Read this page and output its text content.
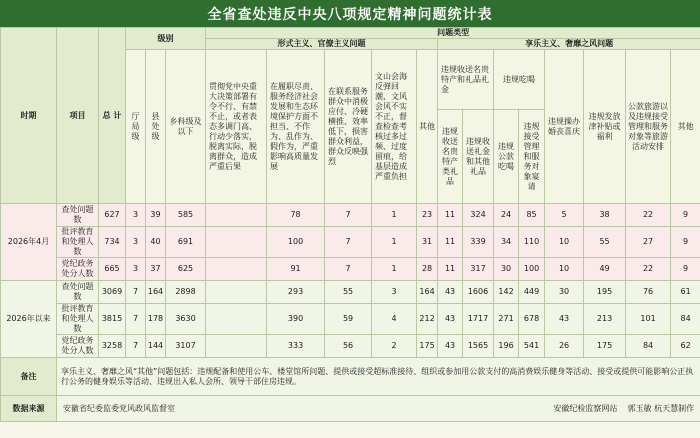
全省查处违反中央八项规定精神问题统计表
时期	项目	总 计	级别			问题类型												
						形式主义、官僚主义问题					享乐主义、奢靡之风问题							
			厅局级	县 处级	乡科级及以下	贯彻党中央重大决策部署有令不行、有禁不止，或者表态多调门高、行动少落实，脱离实际，脱离群众，造成严重后果	在履职尽责、服务经济社会发展和生态环境保护方面不担当、不作为、乱作为、假作为，严重影响高质量发展	在联系服务群众中消极应付、冷硬横推、效率低下，损害群众利益，群众反映强烈	文山会海反弹回潮，文风会风不实不正，督查检查考核过多过频、过度留痕，给基层造成严重负担	其他	违规收送名贵特产和礼品礼金		违规吃喝		违规操办婚丧喜庆	违规发放津补贴或福利	公款旅游以及违规接受管理和服务对象等旅游活动安排	其他
											违规收送名贵特产类礼品	违规收送礼金和其他礼品	违规公款吃喝	违规接受管理和服务对象宴请				
2026年4月	查处问题数	627	3	39	585		78	7	1	23	11	324	24	85	5	38	22	9
	批评教育和处理人数	734	3	40	691		100	7	1	31	11	339	34	110	10	55	27	9
	党纪政务处分人数	665	3	37	625		91	7	1	28	11	317	30	100	10	49	22	9
2026年以来	查处问题数	3069	7	164	2898		293	55	3	164	43	1606	142	449	30	195	76	61
	批评教育和处理人数	3815	7	178	3630		390	59	4	212	43	1717	271	678	43	213	101	84
	党纪政务处分人数	3258	7	144	3107		333	56	2	175	43	1565	196	541	26	175	84	62
备注	享乐主义、奢靡之风“其他”问题包括：违规配备和使用公车、楼堂馆所问题、提供或接受超标准接待、组织或参加用公款支付的高消费娱乐健身等活动、接受或提供可能影响公正执行公务的健身娱乐等活动、违规出入私人会所、领导干部住房违规。																	
数据来源	安徽省纪委监委党风政风监督室 安徽纪检监察网站 郭玉敏 杭天慧制作																	
